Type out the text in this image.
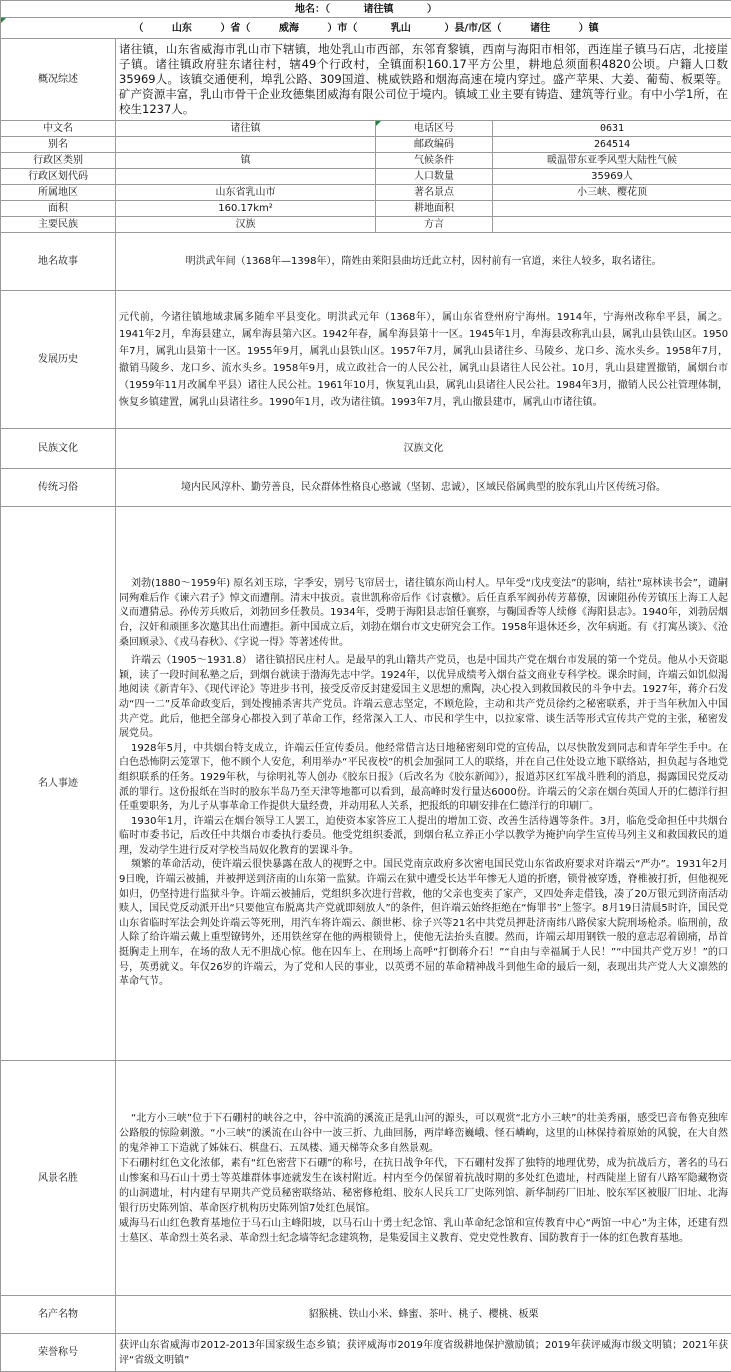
地名：（ 诸往镇 ）			
（ 山东 ）省（ 威海 ）市（ 乳山 ）县/市/区（ 诸往 ）镇			
概况综述	诸往镇，山东省威海市乳山市下辖镇，地处乳山市西部，东邻育黎镇，西南与海阳市相邻，西连崖子镇马石店，北接崖子镇。诸往镇政府驻东诸往村，辖49个行政村，全镇面积160.17平方公里，耕地总须面积4820公顷。户籍人口数35969人。该镇交通便利，埠乳公路、309国道、桃威铁路和烟海高速在境内穿过。盛产苹果、大姜、葡萄、板栗等。矿产资源丰富，乳山市骨干企业玫德集团威海有限公司位于境内。镇域工业主要有铸造、建筑等行业。有中小学1所，在校生1237人。		
中文名	诸往镇	电话区号	0631
别名		邮政编码	264514
行政区类别	镇	气候条件	暖温带东亚季风型大陆性气候
行政区划代码		人口数量	35969人
所属地区	山东省乳山市	著名景点	小三峡、樱花顶
面积	160.17km²	耕地面积	
主要民族	汉族	方言	
地名故事	明洪武年间（1368年—1398年），隋姓由莱阳县曲坊迁此立村，因村前有一官道，来往人较多，取名诸往。		
发展历史	元代前，今诸往镇地域隶属多随牟平县变化。明洪武元年（1368年），属山东省登州府宁海州。1914年，宁海州改称牟平县，属之。1941年2月，牟海县建立，属牟海县第六区。1942年春，属牟海县第十一区。1945年1月，牟海县改称乳山县，属乳山县铁山区。1950年7月，属乳山县第十一区。1955年9月，属乳山县铁山区。1957年7月，属乳山县诸往乡、马陵乡、龙口乡、流水头乡。1958年7月，撤销马陵乡、龙口乡、流水头乡。1958年9月，成立政社合一的人民公社，属乳山县诸往人民公社。10月，乳山县建置撤销，属烟台市（1959年11月改属牟平县）诸往人民公社。1961年10月，恢复乳山县，属乳山县诸往人民公社。1984年3月，撤销人民公社管理体制，恢复乡镇建置，属乳山县诸往乡。1990年1月，改为诸往镇。1993年7月，乳山撤县建市，属乳山市诸往镇。		
民族文化	汉族文化		
传统习俗	境内民风淳朴、勤劳善良，民众群体性格良心憨诚（坚韧、忠诚），区域民俗属典型的胶东乳山片区传统习俗。		
名人事迹	刘勃(1880～1959年) 原名刘玉琮，字季安，别号飞帘居士，诸往镇东尚山村人。早年受“戊戌变法”的影响，结社“琼林读书会”，谴嗣同殉难后作《谏六君子》悼文而遭削。清末中拔贡。袁世凯称帝后作《讨袁檄》。后任直系军阀孙传芳幕僚，因谏阻孙传芳镇压上海工人起义而遭猜忌。孙传芳兵败后，刘勃回乡任教员。1934年，受聘于海阳县志馆任襄察，与鞠国香等人续修《海阳县志》。1940年，刘勃居烟台，汉奸和顽匪多次邀其出仕而遭拒。新中国成立后，刘勃在烟台市文史研究会工作。1958年退休还乡，次年病逝。有《打寓丛谈》、《沧桑回顾录》、《戎马春秋》、《字说一得》等著述传世。

许端云（1905～1931.8） 诸往镇招民庄村人。是最早的乳山籍共产党员，也是中国共产党在烟台市发展的第一个党员。他从小天资聪颖，读了一段时间私塾之后，到烟台就读于渤海先志中学。1924年，以优异成绩考入烟台益文商业专科学校。课余时间，许端云如饥似渴地阅读《新青年》、《现代评论》等进步书刊，接受反帝反封建爱国主义思想的熏陶，决心投入到救国救民的斗争中去。1927年，蒋介石发动“四一二”反革命政变后，到处搜捕杀害共产党员。许端云意志坚定，不顾危险，主动和共产党员徐约之秘密联系，并于当年秋加入中国共产党。此后，他把全部身心都投入到了革命工作，经常深入工人、市民和学生中，以拉家常、谈生活等形式宣传共产党的主张，秘密发展党员。

1928年5月，中共烟台特支成立，许端云任宣传委员。他经常借言达日地秘密刻印党的宣传品，以尽快散发到同志和青年学生手中。在白色恐怖阴云笼罩下，他不顾个人安危，利用举办“平民夜校”的机会加强同工人的联络，并在自己住处设立地下联络站，担负起与各地党组织联系的任务。1929年秋，与徐明礼等人创办《胶东日报》（后改名为《胶东新闻》），报道苏区红军战斗胜利的消息，揭露国民党反动派的罪行。这份报纸在当时的胶东半岛乃至天津等地都可以看到，最高峰时发行量达6000份。许端云的父亲在烟台英国人开的仁德洋行担任重要职务，为儿子从事革命工作提供大量经费，并动用私人关系，把报纸的印刷安排在仁德洋行的印刷厂。

1930年1月，许端云在烟台领导工人罢工，迫使资本家答应工人提出的增加工资、改善生活待遇等条件。3月，临危受命担任中共烟台临时市委书记，后改任中共烟台市委执行委员。他受党组织委派，到烟台私立养正小学以教学为掩护向学生宣传马列主义和救国救民的道理，发动学生进行反对学校当局奴化教育的罢课斗争。

频繁的革命活动，使许端云很快暴露在敌人的视野之中。国民党南京政府多次密电国民党山东省政府要求对许端云“严办”。1931年2月9日晚，许端云被捕，并被押送到济南的山东第一监狱。许端云在狱中遭受长达半年惨无人道的折磨，锁骨被穿透，脊椎被打折，但他视死如归，仍坚持进行监狱斗争。许端云被捕后，党组织多次进行营救，他的父亲也变卖了家产，又四处奔走借钱，凑了20万银元到济南活动赎人，国民党反动派开出“只要他宣布脱离共产党就即刻放人”的条件，但许端云始终拒绝在“悔罪书”上签字。8月19日清晨5时许，国民党山东省临时军法会判处许端云等死刑，用汽车将许端云、颜世彬、徐子兴等21名中共党员押赴济南纬八路侯家大院刑场枪杀。临刑前，敌人除了给许端云戴上重型镣铐外，还用铁丝穿在他的两根锁骨上，使他无法抬头直腰。然而，许端云却用钢铁一般的意志忍着剧痛，昂首挺胸走上刑车，在场的敌人无不胆战心惊。他在囚车上、在刑场上高呼“打倒蒋介石！”“自由与幸福属于人民！”“中国共产党万岁！”的口号，英勇就义。年仅26岁的许端云，为了党和人民的事业，以英勇不屈的革命精神战斗到他生命的最后一刻，表现出共产党人大义凛然的革命气节。		

风景名胜	“北方小三峡”位于下石硼村的峡谷之中，谷中流淌的溪流正是乳山河的源头，可以观赏“北方小三峡”的壮美秀丽，感受巴音布鲁克独库公路般的惊险刺激。“小三峡”的溪流在山谷中一波三折、九曲回肠，两岸峰峦巍峨、怪石嶙峋，这里的山林保持着原始的风貌，在大自然的鬼斧神工下造就了姊妹石、棋盘石、五凤楼、通天梯等众多自然景观。

下石硼村红色文化浓郁，素有“红色密营下石硼”的称号，在抗日战争年代，下石硼村发挥了独特的地理优势，成为抗战后方，著名的马石山惨案和马石山十勇士等英雄群体事迹就发生在该村附近。村内至今仍保留着抗战时期的多处红色遗址，村西陡崖上留有八路军隐藏物资的山洞遗址，村内建有早期共产党员秘密联络站、秘密修枪组、胶东人民兵工厂史陈列馆、新华制药厂旧址、胶东军区被服厂旧址、北海银行历史陈列馆、革命医疗机构历史陈列馆7处红色展馆。

威海马石山红色教育基地位于马石山主峰阳坡，以马石山十勇士纪念馆、乳山革命纪念馆和宣传教育中心“两馆一中心”为主体，还建有烈士墓区、革命烈士英名录、革命烈士纪念墙等纪念建筑物，是集爱国主义教育、党史党性教育、国防教育于一体的红色教育基地。		

名产名物	貂猴桃、铁山小米、蜂蜜、茶叶、桃子、樱桃、板栗		
荣誉称号	获评山东省威海市2012-2013年国家级生态乡镇；获评威海市2019年度省级耕地保护激励镇；2019年获评威海市级文明镇；2021年获评“省级文明镇”		
